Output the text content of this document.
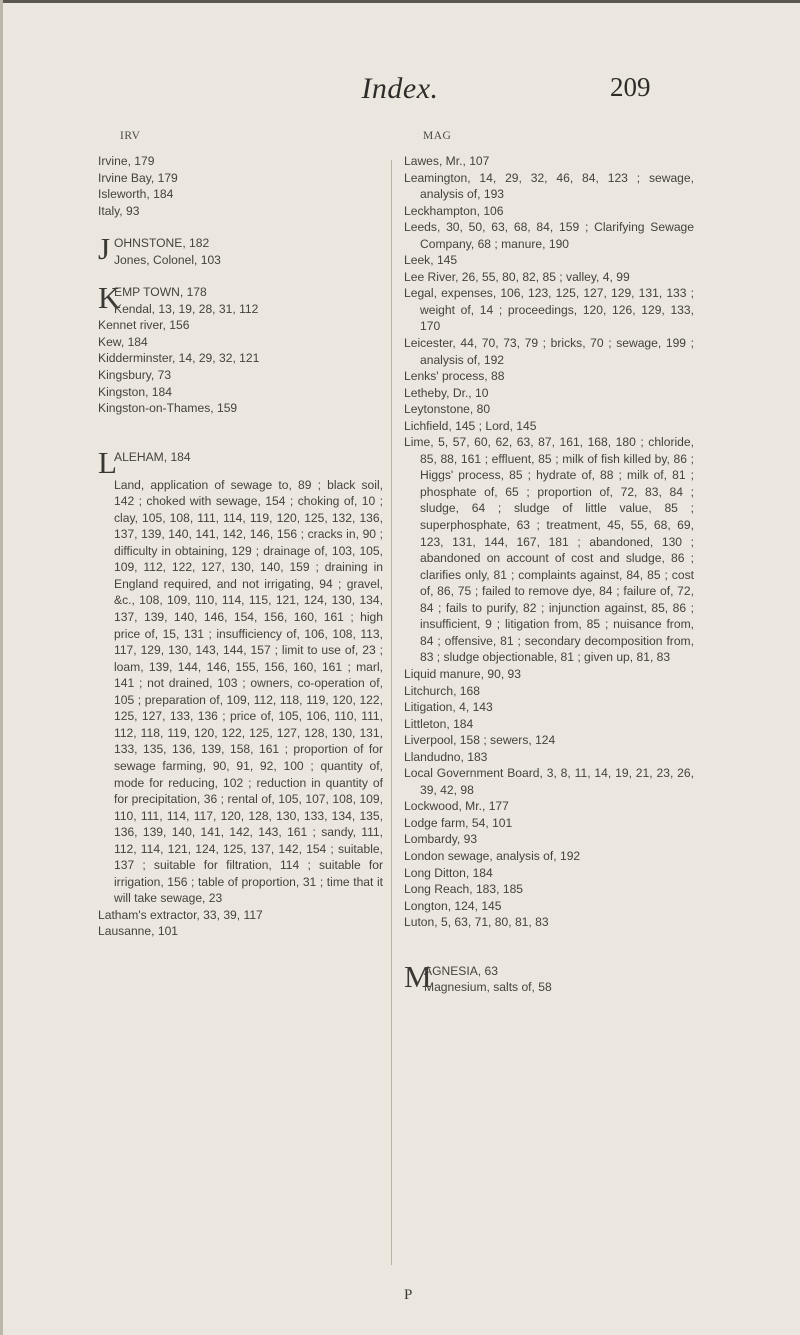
Index.	209
IRV	MAG

Irvine, 179

Irvine Bay, 179

Isleworth, 184

Italy, 93

J OHNSTONE, 182
Jones, Colonel, 103
K
EMP TOWN, 178
Kendal, 13, 19, 28, 31, 112

Kennet river, 156

Kew, 184

Kidderminster, 14, 29, 32, 121

Kingsbury, 73

Kingston, 184

Kingston-on-Thames, 159

L
ALEHAM, 184
Land, application of sewage to, 89 ; black soil, 142 ; choked with sewage, 154 ; choking of, 10 ; clay, 105, 108, 111, 114, 119, 120, 125, 132, 136, 137, 139, 140, 141, 142, 146, 156 ; cracks in, 90 ; difficulty in obtaining, 129 ; drainage of, 103, 105, 109, 112, 122, 127, 130, 140, 159 ; draining in England required, and not irrigating, 94 ; gravel, &c., 108, 109, 110, 114, 115, 121, 124, 130, 134, 137, 139, 140, 146, 154, 156, 160, 161 ; high price of, 15, 131 ; insufficiency of, 106, 108, 113, 117, 129, 130, 143, 144, 157 ; limit to use of, 23 ; loam, 139, 144, 146, 155, 156, 160, 161 ; marl, 141 ; not drained, 103 ; owners, co-operation of, 105 ; preparation of, 109, 112, 118, 119, 120, 122, 125, 127, 133, 136 ; price of, 105, 106, 110, 111, 112, 118, 119, 120, 122, 125, 127, 128, 130, 131, 133, 135, 136, 139, 158, 161 ; proportion of for sewage farming, 90, 91, 92, 100 ; quantity of, mode for reducing, 102 ; reduction in quantity of for precipitation, 36 ; rental of, 105, 107, 108, 109, 110, 111, 114, 117, 120, 128, 130, 133, 134, 135, 136, 139, 140, 141, 142, 143, 161 ; sandy, 111, 112, 114, 121, 124, 125, 137, 142, 154 ; suitable, 137 ; suitable for filtration, 114 ; suitable for irrigation, 156 ; table of proportion, 31 ; time that it will take sewage, 23

Latham's extractor, 33, 39, 117

Lausanne, 101

Lawes, Mr., 107

Leamington, 14, 29, 32, 46, 84, 123 ; sewage, analysis of, 193

Leckhampton, 106

Leeds, 30, 50, 63, 68, 84, 159 ; Clarifying Sewage Company, 68 ; manure, 190

Leek, 145

Lee River, 26, 55, 80, 82, 85 ; valley, 4, 99

Legal, expenses, 106, 123, 125, 127, 129, 131, 133 ; weight of, 14 ; proceedings, 120, 126, 129, 133, 170

Leicester, 44, 70, 73, 79 ; bricks, 70 ; sewage, 199 ; analysis of, 192

Lenks' process, 88

Letheby, Dr., 10

Leytonstone, 80

Lichfield, 145 ; Lord, 145

Lime, 5, 57, 60, 62, 63, 87, 161, 168, 180 ; chloride, 85, 88, 161 ; effluent, 85 ; milk of fish killed by, 86 ; Higgs' process, 85 ; hydrate of, 88 ; milk of, 81 ; phosphate of, 65 ; proportion of, 72, 83, 84 ; sludge, 64 ; sludge of little value, 85 ; superphosphate, 63 ; treatment, 45, 55, 68, 69, 123, 131, 144, 167, 181 ; abandoned, 130 ; abandoned on account of cost and sludge, 86 ; clarifies only, 81 ; complaints against, 84, 85 ; cost of, 86, 75 ; failed to remove dye, 84 ; failure of, 72, 84 ; fails to purify, 82 ; injunction against, 85, 86 ; insufficient, 9 ; litigation from, 85 ; nuisance from, 84 ; offensive, 81 ; secondary decomposition from, 83 ; sludge objectionable, 81 ; given up, 81, 83

Liquid manure, 90, 93

Litchurch, 168

Litigation, 4, 143

Littleton, 184

Liverpool, 158 ; sewers, 124

Llandudno, 183

Local Government Board, 3, 8, 11, 14, 19, 21, 23, 26, 39, 42, 98

Lockwood, Mr., 177

Lodge farm, 54, 101

Lombardy, 93

London sewage, analysis of, 192

Long Ditton, 184

Long Reach, 183, 185

Longton, 124, 145

Luton, 5, 63, 71, 80, 81, 83

M
AGNESIA, 63
Magnesium, salts of, 58
P
